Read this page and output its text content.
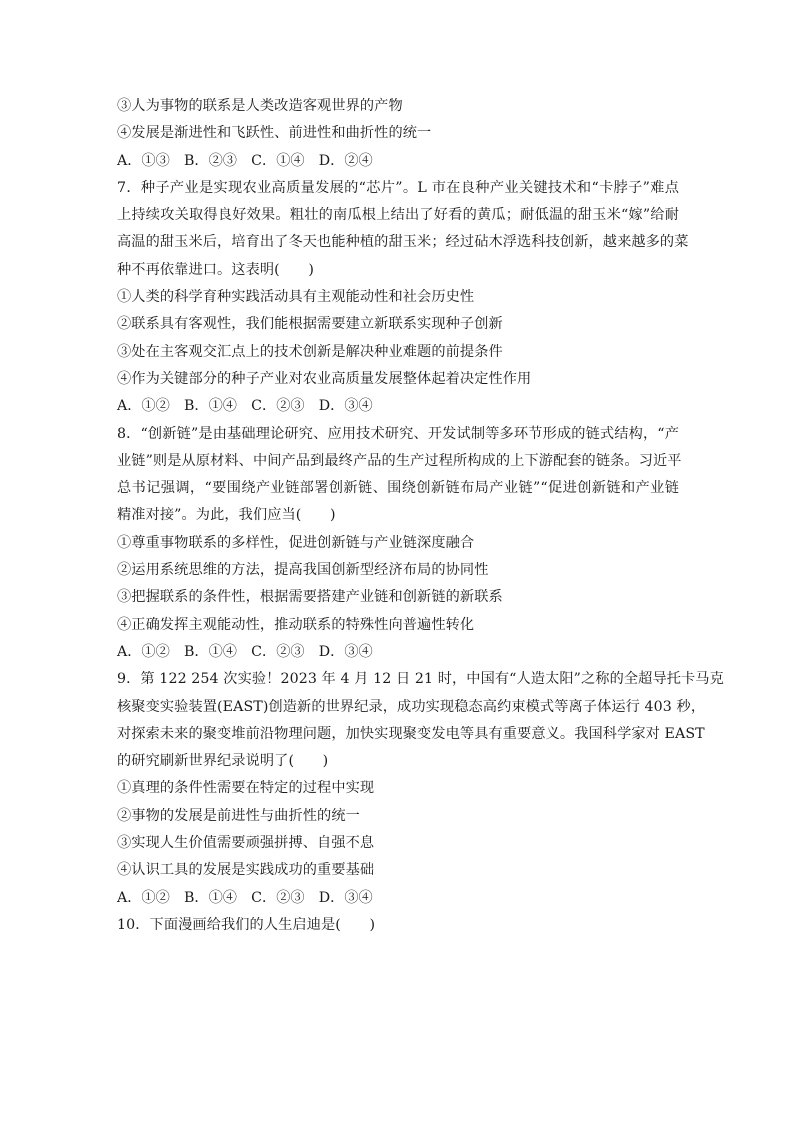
③人为事物的联系是人类改造客观世界的产物
④发展是渐进性和飞跃性、前进性和曲折性的统一
A．①③　B．②③　C．①④　D．②④
7．种子产业是实现农业高质量发展的“芯片”。L 市在良种产业关键技术和“卡脖子”难点
上持续攻关取得良好效果。粗壮的南瓜根上结出了好看的黄瓜；耐低温的甜玉米“嫁”给耐
高温的甜玉米后，培育出了冬天也能种植的甜玉米；经过砧木浮选科技创新，越来越多的菜
种不再依靠进口。这表明(　　)
①人类的科学育种实践活动具有主观能动性和社会历史性
②联系具有客观性，我们能根据需要建立新联系实现种子创新
③处在主客观交汇点上的技术创新是解决种业难题的前提条件
④作为关键部分的种子产业对农业高质量发展整体起着决定性作用
A．①②　B．①④　C．②③　D．③④
8．“创新链”是由基础理论研究、应用技术研究、开发试制等多环节形成的链式结构，“产
业链”则是从原材料、中间产品到最终产品的生产过程所构成的上下游配套的链条。习近平
总书记强调，“要围绕产业链部署创新链、围绕创新链布局产业链”“促进创新链和产业链
精准对接”。为此，我们应当(　　)
①尊重事物联系的多样性，促进创新链与产业链深度融合
②运用系统思维的方法，提高我国创新型经济布局的协同性
③把握联系的条件性，根据需要搭建产业链和创新链的新联系
④正确发挥主观能动性，推动联系的特殊性向普遍性转化
A．①②　B．①④　C．②③　D．③④
9．第 122 254 次实验！2023 年 4 月 12 日 21 时，中国有“人造太阳”之称的全超导托卡马克
核聚变实验装置(EAST)创造新的世界纪录，成功实现稳态高约束模式等离子体运行 403 秒，
对探索未来的聚变堆前沿物理问题，加快实现聚变发电等具有重要意义。我国科学家对 EAST
的研究刷新世界纪录说明了(　　)
①真理的条件性需要在特定的过程中实现
②事物的发展是前进性与曲折性的统一
③实现人生价值需要顽强拼搏、自强不息
④认识工具的发展是实践成功的重要基础
A．①②　B．①④　C．②③　D．③④
10．下面漫画给我们的人生启迪是(　　)
